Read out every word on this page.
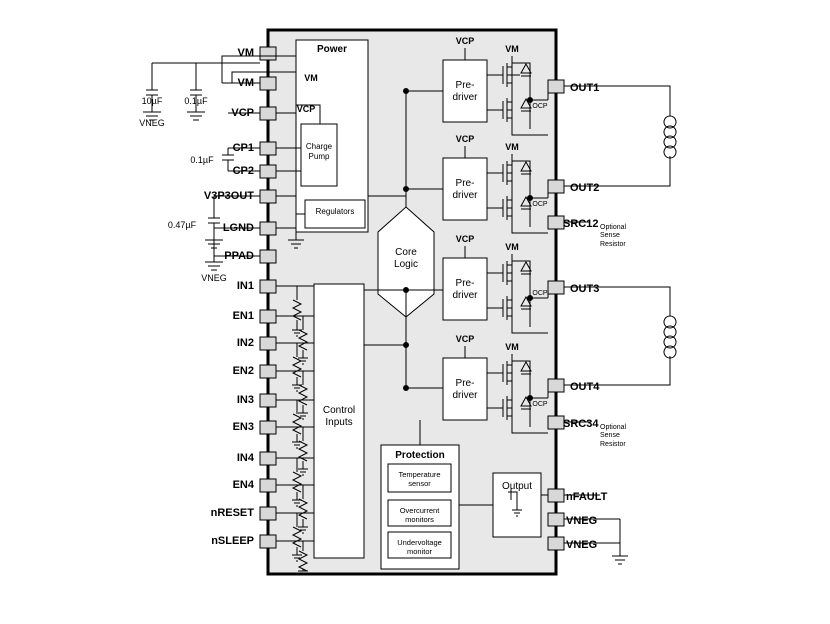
Power
Charge
Pump
Regulators
Core
Logic
Control
Inputs
Protection
Temperature
sensor
Overcurrent
monitors
Undervoltage
monitor
Output
Pre-
driver
Pre-
driver
Pre-
driver
Pre-
driver
VM
VM
VCP
CP1
CP2
V3P3OUT
LGND
PPAD
IN1
EN1
IN2
EN2
IN3
EN3
IN4
EN4
nRESET
nSLEEP
OUT1
OUT2
SRC12
OUT3
OUT4
SRC34
nFAULT
VNEG
VNEG
10µF	0.1µF
0.1µF
0.47µF
VNEG
VNEG
VM
VCP
VCP
VM
VCP
VM
VCP
VM
VCP
VM
OCP
OCP
OCP
OCP
Optional
Sense
Resistor
Optional
Sense
Resistor
